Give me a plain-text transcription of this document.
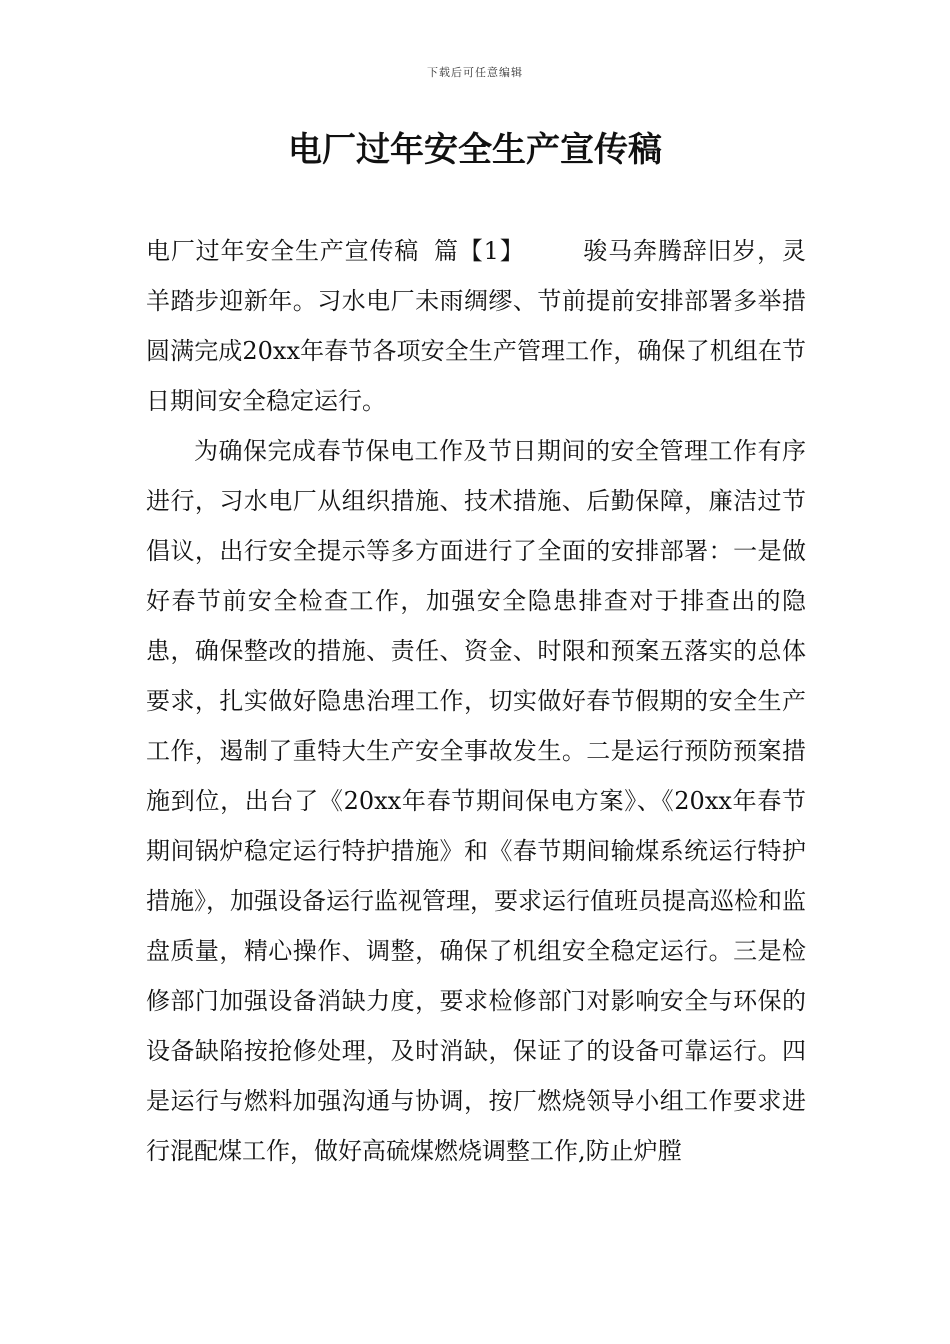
下载后可任意编辑
电厂过年安全生产宣传稿

电厂过年安全生产宣传稿 篇【1】 骏马奔腾辞旧岁，灵羊踏步迎新年。习水电厂未雨绸缪、节前提前安排部署多举措圆满完成20xx年春节各项安全生产管理工作，确保了机组在节日期间安全稳定运行。

为确保完成春节保电工作及节日期间的安全管理工作有序进行，习水电厂从组织措施、技术措施、后勤保障，廉洁过节倡议，出行安全提示等多方面进行了全面的安排部署：一是做好春节前安全检查工作，加强安全隐患排查对于排查出的隐患，确保整改的措施、责任、资金、时限和预案五落实的总体要求，扎实做好隐患治理工作，切实做好春节假期的安全生产工作，遏制了重特大生产安全事故发生。二是运行预防预案措施到位，出台了《20xx年春节期间保电方案》、《20xx年春节期间锅炉稳定运行特护措施》和《春节期间输煤系统运行特护措施》，加强设备运行监视管理，要求运行值班员提高巡检和监盘质量，精心操作、调整，确保了机组安全稳定运行。三是检修部门加强设备消缺力度，要求检修部门对影响安全与环保的设备缺陷按抢修处理，及时消缺，保证了的设备可靠运行。四是运行与燃料加强沟通与协调，按厂燃烧领导小组工作要求进行混配煤工作，做好高硫煤燃烧调整工作,防止炉膛
